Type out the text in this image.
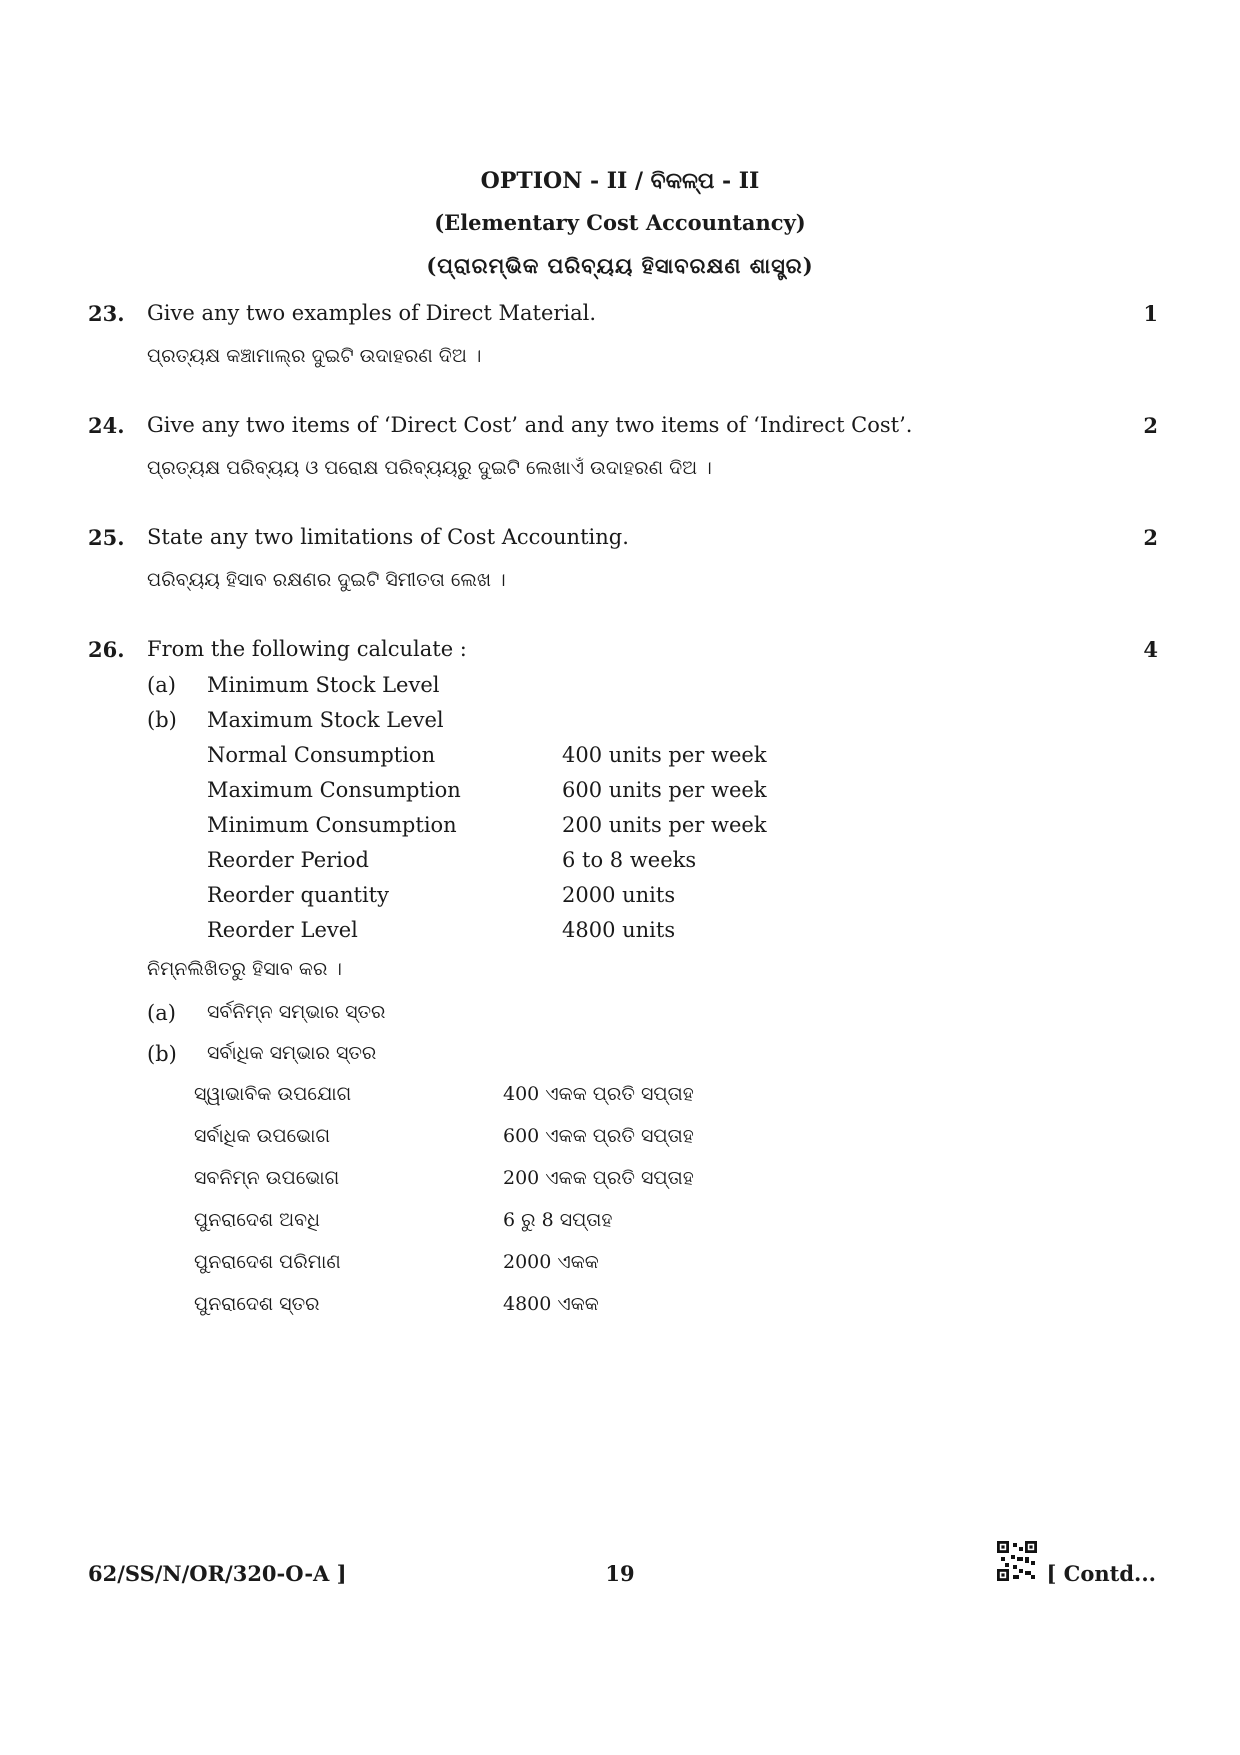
OPTION - II / ବିକଳ୍ପ - II
(Elementary Cost Accountancy)
(ପ୍ରାରମ୍ଭିକ ପରିବ୍ୟୟ ହିସାବରକ୍ଷଣ ଶାସ୍ତ୍ର)
23. Give any two examples of Direct Material.	1
ପ୍ରତ୍ୟକ୍ଷ କଞ୍ଚାମାଲ୍‌ର ଦୁଇଟି ଉଦାହରଣ ଦିଅ ।
24. Give any two items of ‘Direct Cost’ and any two items of ‘Indirect Cost’.	2
ପ୍ରତ୍ୟକ୍ଷ ପରିବ୍ୟୟ ଓ ପରୋକ୍ଷ ପରିବ୍ୟୟରୁ ଦୁଇଟି ଲେଖାଏଁ ଉଦାହରଣ ଦିଅ ।
25. State any two limitations of Cost Accounting.	2
ପରିବ୍ୟୟ ହିସାବ ରକ୍ଷଣର ଦୁଇଟି ସିମୀତତା ଲେଖ ।
26. From the following calculate :	4
(a) Minimum Stock Level
(b) Maximum Stock Level
Normal Consumption	400 units per week
Maximum Consumption	600 units per week
Minimum Consumption	200 units per week
Reorder Period	6 to 8 weeks
Reorder quantity	2000 units
Reorder Level	4800 units
ନିମ୍ନଲିଖିତରୁ ହିସାବ କର ।
(a) ସର୍ବନିମ୍ନ ସମ୍ଭାର ସ୍ତର
(b) ସର୍ବାଧିକ ସମ୍ଭାର ସ୍ତର
ସ୍ୱାଭାବିକ ଉପଯୋଗ	400 ଏକକ ପ୍ରତି ସପ୍ତାହ
ସର୍ବାଧିକ ଉପଭୋଗ	600 ଏକକ ପ୍ରତି ସପ୍ତାହ
ସବନିମ୍ନ ଉପଭୋଗ	200 ଏକକ ପ୍ରତି ସପ୍ତାହ
ପୁନରାଦେଶ ଅବଧି	6 ରୁ 8 ସପ୍ତାହ
ପୁନରାଦେଶ ପରିମାଣ	2000 ଏକକ
ପୁନରାଦେଶ ସ୍ତର	4800 ଏକକ
62/SS/N/OR/320-O-A ]	19	[ Contd...
